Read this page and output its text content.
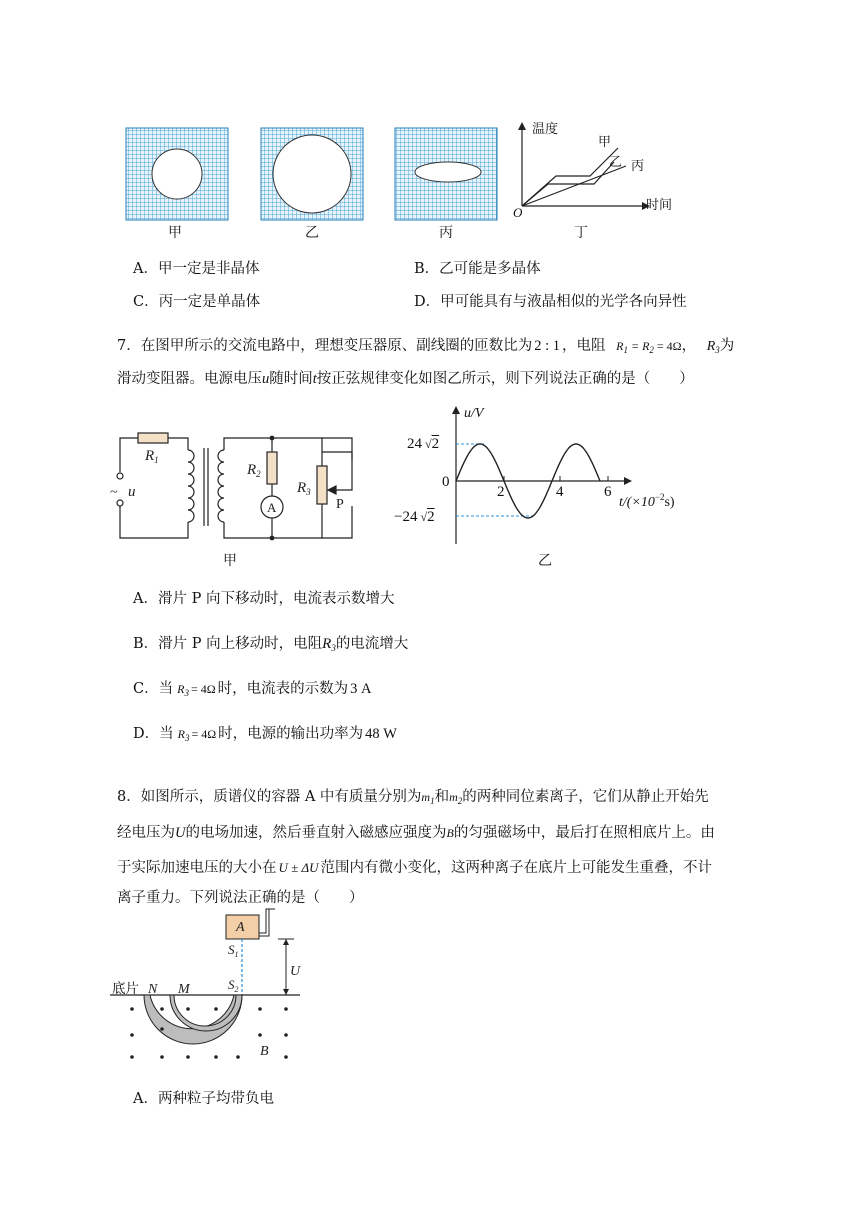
温度
时间
O
甲
乙 丙
甲	乙	丙	丁
A．甲一定是非晶体	B．乙可能是多晶体
C．丙一定是单晶体	D．甲可能具有与液晶相似的光学各向异性
7．在图甲所示的交流电路中，理想变压器原、副线圈的匝数比为 2 : 1 ，电阻 $R_1 = R_2 = 4\Omega$， $R_3$为
滑动变阻器。电源电压u随时间t按正弦规律变化如图乙所示，则下列说法正确的是（　　）
~ u
$R_1$
$R_2$
$R_3$
A	P
甲
u/V
24 √2
0
−24 √2
2	4	6
$t/(\times 10^{-2}s)$
乙
A．滑片 P 向下移动时，电流表示数增大
B．滑片 P 向上移动时，电阻$R_3$的电流增大
C．当 $R_3 = 4\Omega$ 时，电流表的示数为 3 A
D．当 $R_3 = 4\Omega$ 时，电源的输出功率为 48 W
8．如图所示，质谱仪的容器 A 中有质量分别为$m_1$和$m_2$的两种同位素离子，它们从静止开始先
经电压为U的电场加速，然后垂直射入磁感应强度为B的匀强磁场中，最后打在照相底片上。由
于实际加速电压的大小在 U ± ΔU 范围内有微小变化，这两种离子在底片上可能发生重叠，不计
离子重力。下列说法正确的是（　　）
A
$S_1$
$S_2$
U
N M
B
底片
A．两种粒子均带负电
